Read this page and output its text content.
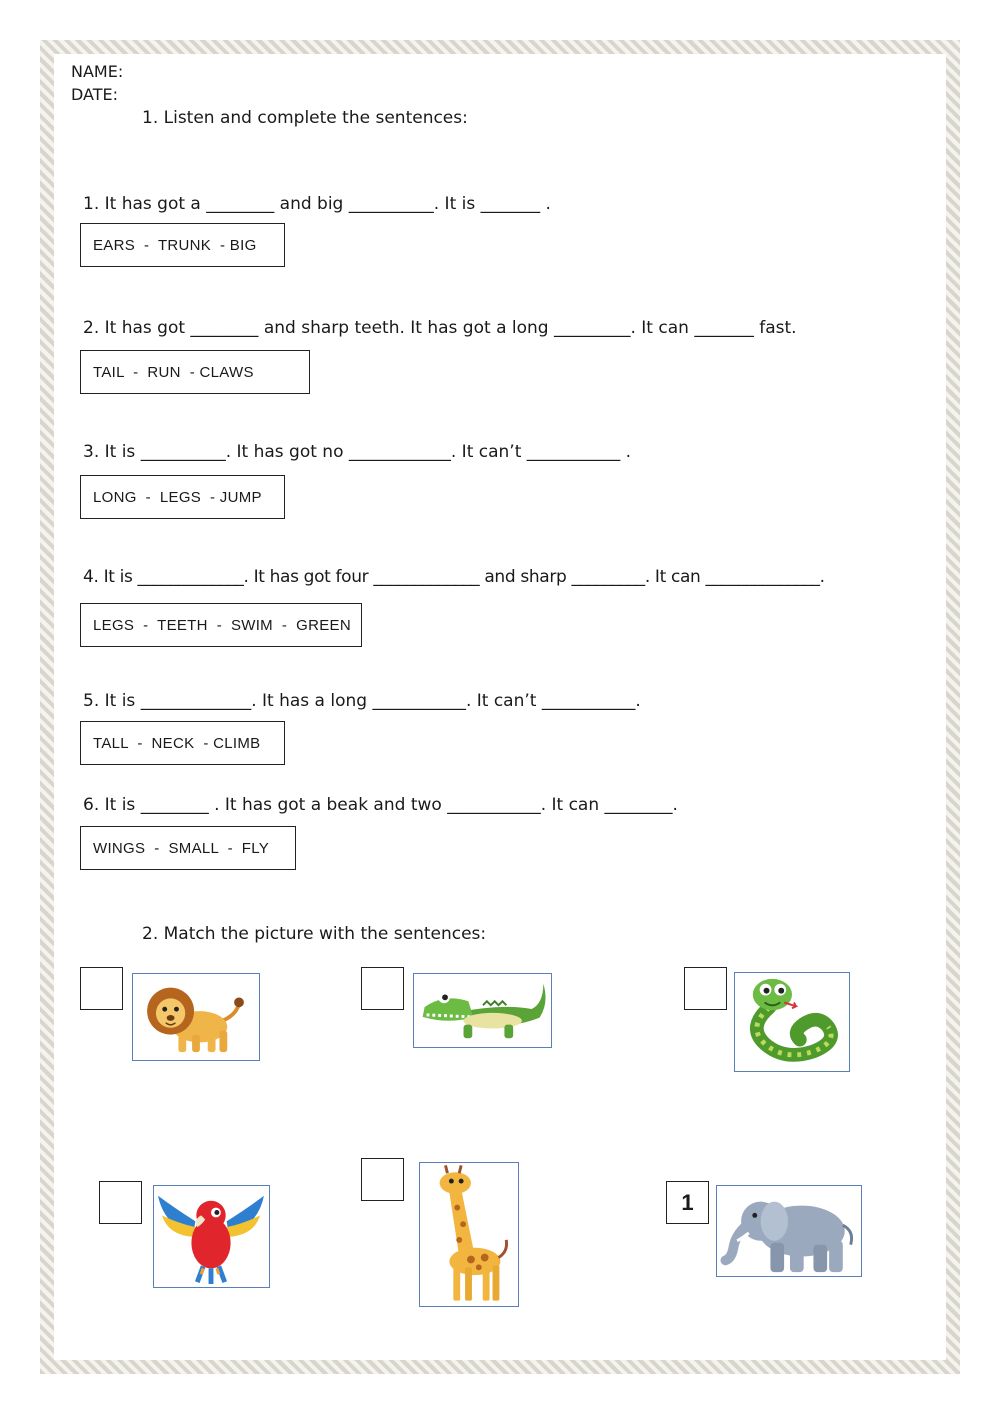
NAME:
DATE:
1. Listen and complete the sentences:
1. It has got a ________ and big __________. It is _______ .
EARS  -  TRUNK  - BIG
2. It has got ________ and sharp teeth. It has got a long _________. It can _______ fast.
TAIL  -  RUN  - CLAWS
3. It is __________. It has got no ____________. It can’t ___________ .
LONG  -  LEGS  - JUMP
4. It is _____________. It has got four _____________ and sharp _________. It can ______________.
LEGS  -  TEETH  -  SWIM  -  GREEN
5. It is _____________. It has a long ___________. It can’t ___________.
TALL  -  NECK  - CLIMB
6. It is ________ . It has got a beak and two ___________. It can ________.
WINGS  -  SMALL  -  FLY
2. Match the picture with the sentences:
1
